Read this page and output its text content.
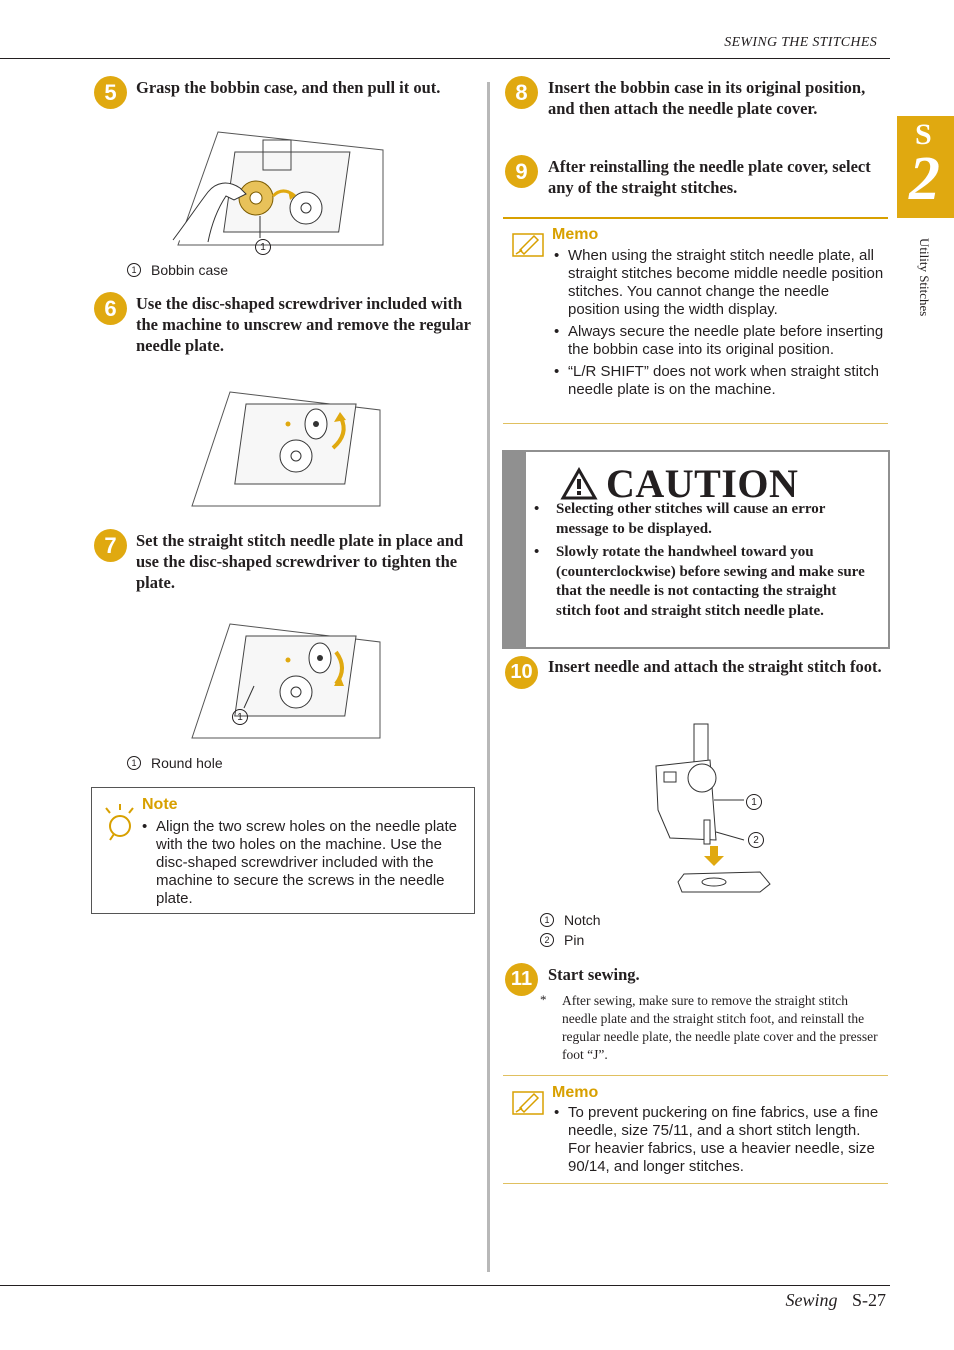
SEWING THE STITCHES
S
2
Utility Stitches
5	Grasp the bobbin case, and then pull it out.
1
1	Bobbin case
6	Use the disc-shaped screwdriver included with the machine to unscrew and remove the regular needle plate.
7	Set the straight stitch needle plate in place and use the disc-shaped screwdriver to tighten the plate.
1
1	Round hole
Note
• Align the two screw holes on the needle plate with the two holes on the machine. Use the disc-shaped screwdriver included with the machine to secure the screws in the needle plate.
8	Insert the bobbin case in its original position, and then attach the needle plate cover.
9	After reinstalling the needle plate cover, select any of the straight stitches.
Memo
• When using the straight stitch needle plate, all straight stitches become middle needle position stitches. You cannot change the needle position using the width display.
• Always secure the needle plate before inserting the bobbin case into its original position.
• “L/R SHIFT” does not work when straight stitch needle plate is on the machine.
CAUTION
• Selecting other stitches will cause an error message to be displayed.
• Slowly rotate the handwheel toward you (counterclockwise) before sewing and make sure that the needle is not contacting the straight stitch foot and straight stitch needle plate.
10 Insert needle and attach the straight stitch foot.
1
2
1	Notch
2	Pin
11 Start sewing.
* After sewing, make sure to remove the straight stitch needle plate and the straight stitch foot, and reinstall the regular needle plate, the needle plate cover and the presser foot “J”.
Memo
• To prevent puckering on fine fabrics, use a fine needle, size 75/11, and a short stitch length. For heavier fabrics, use a heavier needle, size 90/14, and longer stitches.
Sewing S-27
